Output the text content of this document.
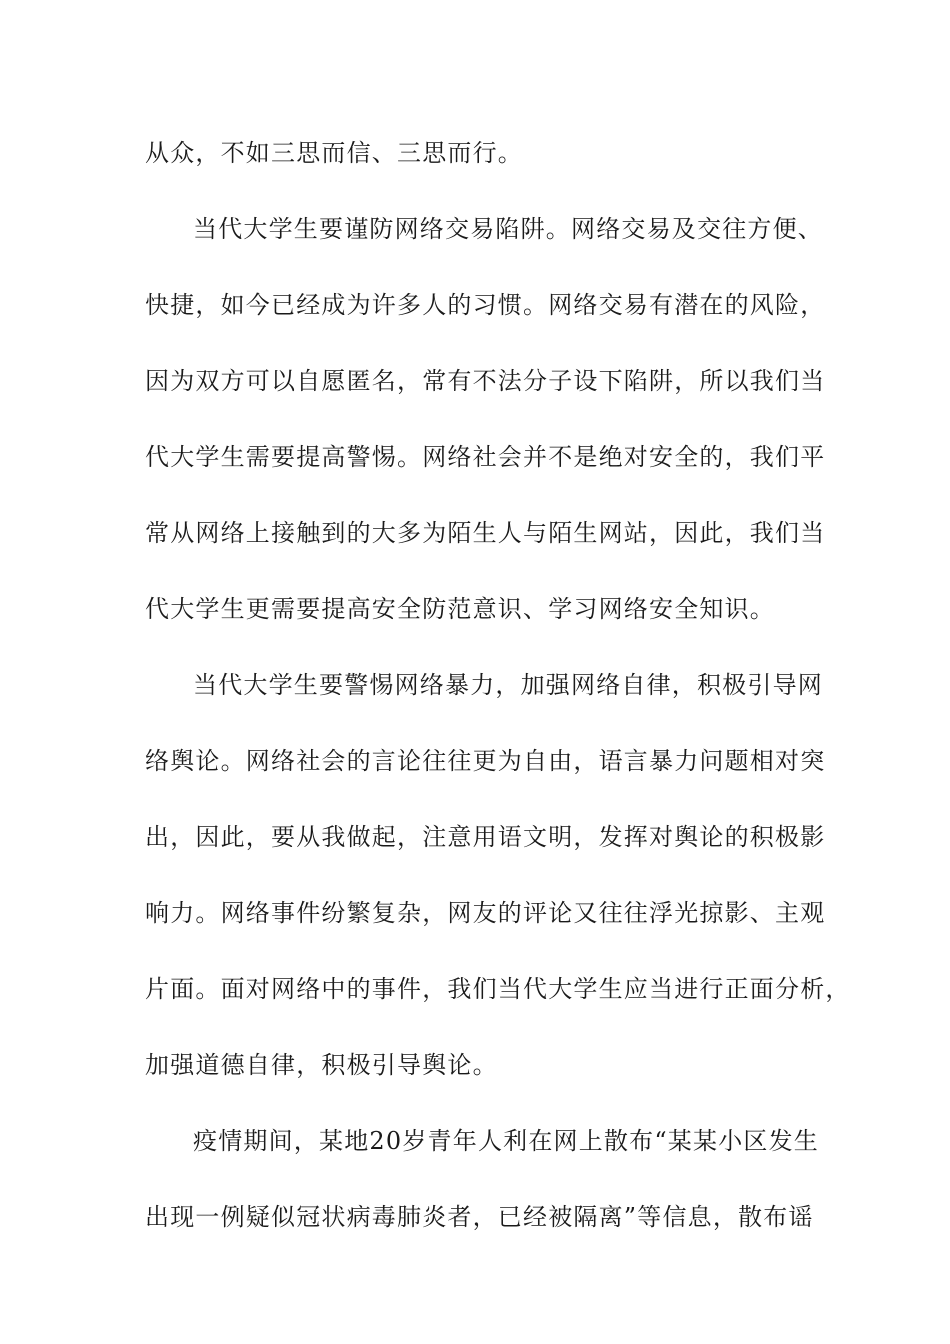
从众，不如三思而信、三思而行。
当代大学生要谨防网络交易陷阱。网络交易及交往方便、
快捷，如今已经成为许多人的习惯。网络交易有潜在的风险，
因为双方可以自愿匿名，常有不法分子设下陷阱，所以我们当
代大学生需要提高警惕。网络社会并不是绝对安全的，我们平
常从网络上接触到的大多为陌生人与陌生网站，因此，我们当
代大学生更需要提高安全防范意识、学习网络安全知识。
当代大学生要警惕网络暴力，加强网络自律，积极引导网
络舆论。网络社会的言论往往更为自由，语言暴力问题相对突
出，因此，要从我做起，注意用语文明，发挥对舆论的积极影
响力。网络事件纷繁复杂，网友的评论又往往浮光掠影、主观
片面。面对网络中的事件，我们当代大学生应当进行正面分析，
加强道德自律，积极引导舆论。
疫情期间，某地20岁青年人利在网上散布“某某小区发生
出现一例疑似冠状病毒肺炎者，已经被隔离”等信息，散布谣
